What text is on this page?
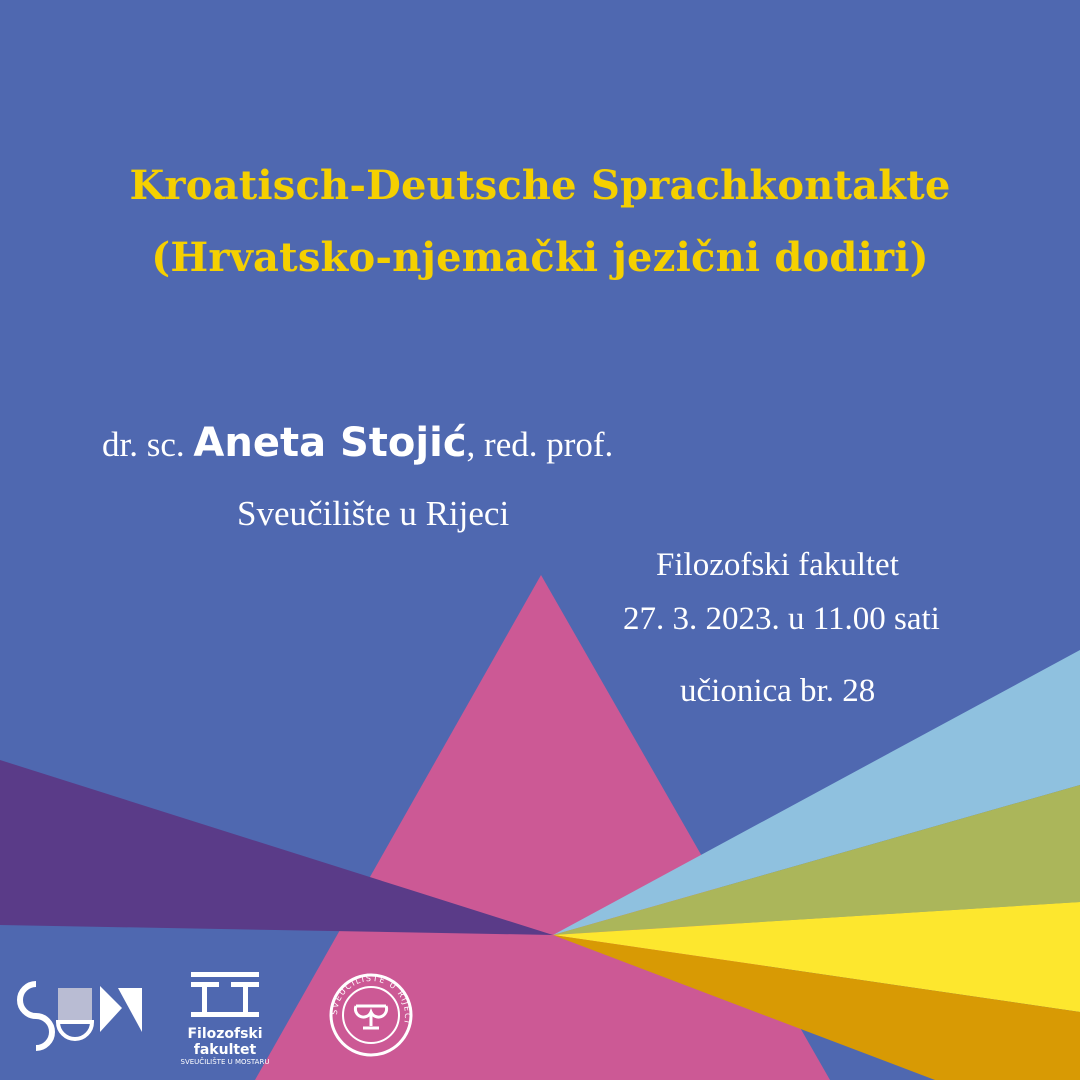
Kroatisch-Deutsche Sprachkontakte
(Hrvatsko-njemački jezični dodiri)
dr. sc. Aneta Stojić, red. prof.
Sveučilište u Rijeci
Filozofski fakultet
27. 3. 2023. u 11.00 sati
učionica br. 28
Filozofski fakultet
SVEUČILIŠTE U MOSTARU
SVEUČILIŠTE U RIJECI
